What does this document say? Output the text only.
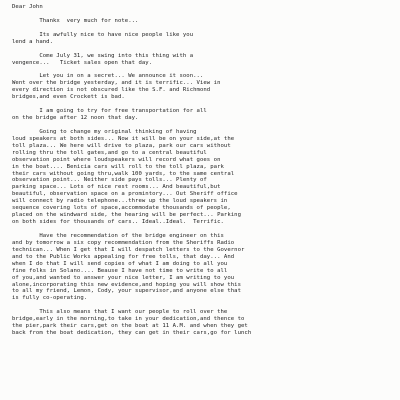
Dear John
Thankx  very much for note...
Its awfully nice to have nice people like you
lend a hand.
Come July 31, we swing into this thing with a
vengence...   Ticket sales open that day.
Let you in on a secret... We announce it soon...
Went over the bridge yesterday, and it is terrific... View in
every direction is not obscured like the S.F. and Richmond
bridges,and even Crockett is bad.
I am going to try for free transportation for all
on the bridge after 12 noon that day.
Going to change my original thinking of having
loud speakers at both sides... Now it will be on your side,at the
toll plaza... We here will drive to plaza, park our cars without
rolling thru the toll gates,and go to a central beautiful
observation point where loudspeakers will record what goes on
in the boat.... Benicia cars will roll to the toll plaza, park
their cars without going thru,walk 100 yards, to the same central
observation point... Neither side pays tolls... Plenty of
parking space... Lots of nice rest rooms... And beautiful,but
beautiful, observation space on a promintory... Out Sheriff office
will connect by radio telephone...threw up the loud speakers in
sequence covering lots of space,accommodate thousands of people,
placed on the windward side, the hearing will be perfect... Parking
on both sides for thousands of cars.. Ideal..Ideal.  Terrific.
Have the recommendation of the bridge engineer on this
and by tomorrow a six copy recommendation from the Sheriffs Radio
technican... When I get that I will despatch letters to the Governor
and to the Public Works appealing for free tolls, that day... And
when I do that I will send copies of what I am doing to all you
fine folks in Solano.... Beause I have not time to write to all
of you,and wanted to answer your nice letter, I am writing to you
alone,incorporating this new evidence,and hoping you will show this
to all my friend, Lemon, Cody, your supervisor,and anyone else that
is fully co-operating.
This also means that I want our people to roll over the
bridge,early in the morning,to take in your dedication,and thence to
the pier,park their cars,get on the boat at 11 A.M. and when they get
back from the boat dedication, they can get in their cars,go for lunch
